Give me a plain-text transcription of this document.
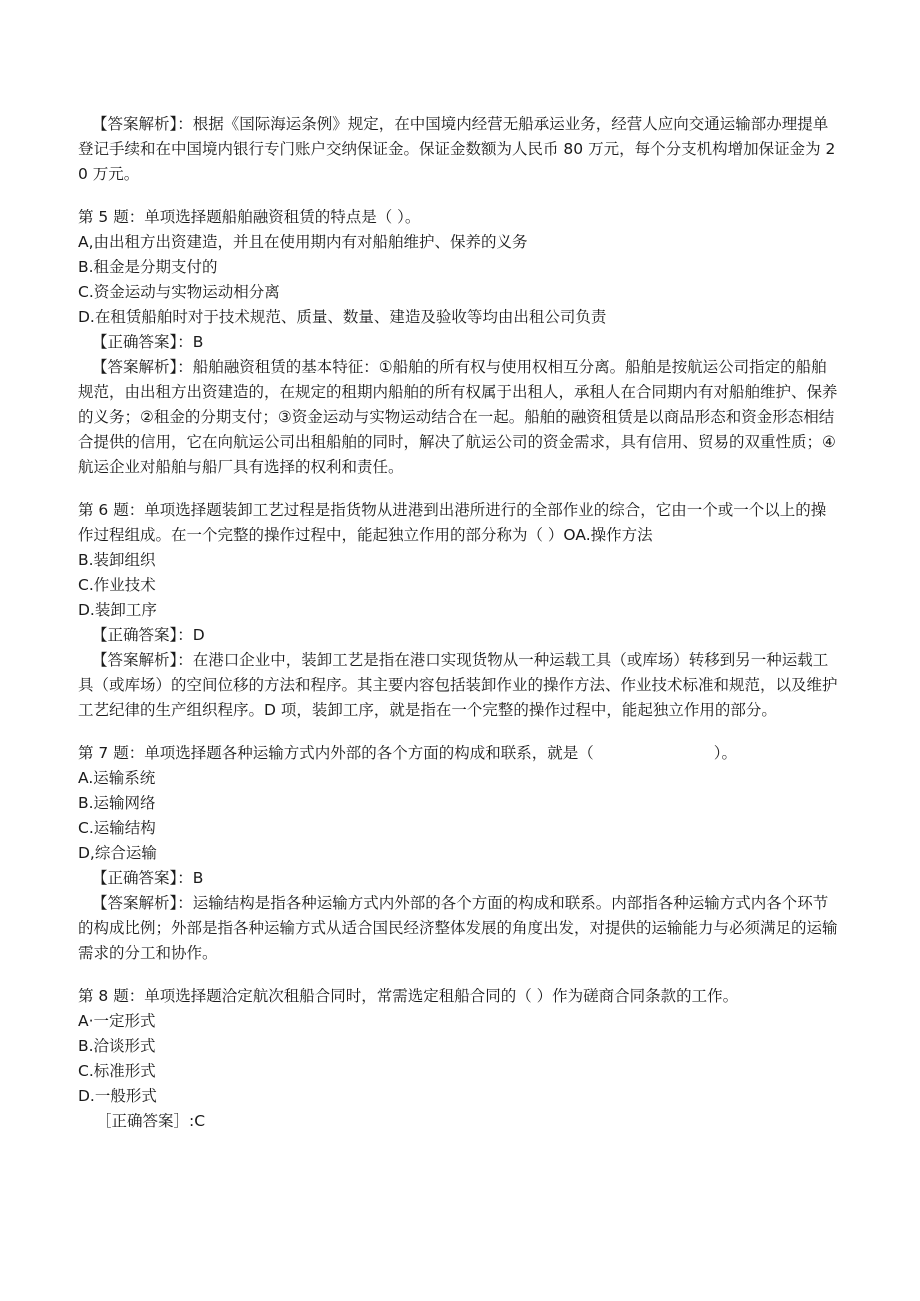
【答案解析】：根据《国际海运条例》规定，在中国境内经营无船承运业务，经营人应向交通运输部办理提单登记手续和在中国境内银行专门账户交纳保证金。保证金数额为人民币 80 万元，每个分支机构增加保证金为 20 万元。

第 5 题：单项选择题船舶融资租赁的特点是（ ）。

A,由出租方出资建造，并且在使用期内有对船舶维护、保养的义务

B.租金是分期支付的

C.资金运动与实物运动相分离

D.在租赁船舶时对于技术规范、质量、数量、建造及验收等均由出租公司负责

【正确答案】：B

【答案解析】：船舶融资租赁的基本特征：①船舶的所有权与使用权相互分离。船舶是按航运公司指定的船舶规范，由出租方出资建造的，在规定的租期内船舶的所有权属于出租人，承租人在合同期内有对船舶维护、保养的义务；②租金的分期支付；③资金运动与实物运动结合在一起。船舶的融资租赁是以商品形态和资金形态相结合提供的信用，它在向航运公司出租船舶的同时，解决了航运公司的资金需求，具有信用、贸易的双重性质；④航运企业对船舶与船厂具有选择的权利和责任。

第 6 题：单项选择题装卸工艺过程是指货物从进港到出港所进行的全部作业的综合，它由一个或一个以上的操作过程组成。在一个完整的操作过程中，能起独立作用的部分称为（ ）OA.操作方法

B.装卸组织

C.作业技术

D.装卸工序

【正确答案】：D

【答案解析】：在港口企业中，装卸工艺是指在港口实现货物从一种运载工具（或库场）转移到另一种运载工具（或库场）的空间位移的方法和程序。其主要内容包括装卸作业的操作方法、作业技术标准和规范，以及维护工艺纪律的生产组织程序。D 项，装卸工序，就是指在一个完整的操作过程中，能起独立作用的部分。

第 7 题：单项选择题各种运输方式内外部的各个方面的构成和联系，就是（	）。

A.运输系统

B.运输网络

C.运输结构

D,综合运输

【正确答案】：B

【答案解析】：运输结构是指各种运输方式内外部的各个方面的构成和联系。内部指各种运输方式内各个环节的构成比例；外部是指各种运输方式从适合国民经济整体发展的角度出发，对提供的运输能力与必须满足的运输需求的分工和协作。

第 8 题：单项选择题洽定航次租船合同时，常需选定租船合同的（ ）作为磋商合同条款的工作。

A·一定形式

B.洽谈形式

C.标准形式

D.一般形式

［正确答案］:C
